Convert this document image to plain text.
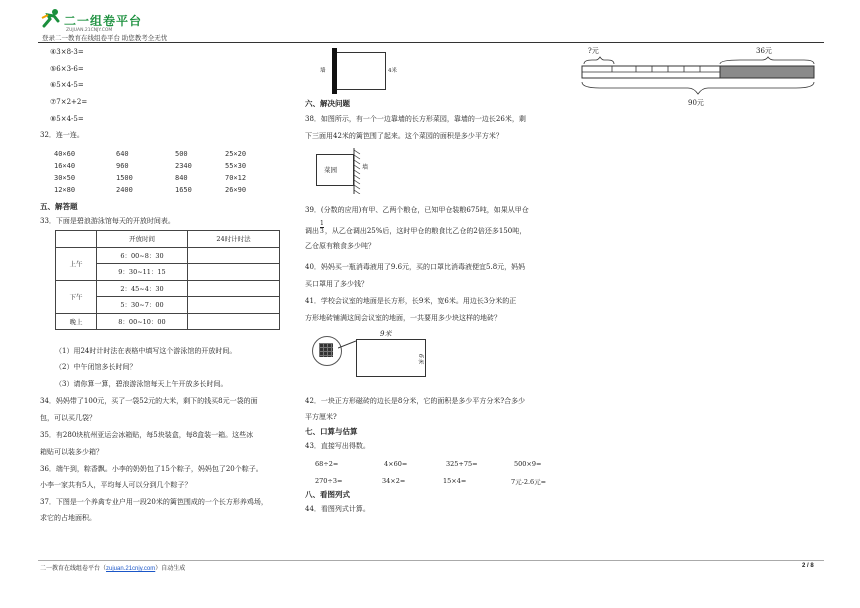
二一组卷平台
ZUJUAN.21CNJY.COM
登录二一教育在线组卷平台 助您教考全无忧
④3×8-3=
⑤6×3-6=
⑥5×4-5=
⑦7×2+2=
⑧5×4-5=
32．连一连。
40×60	640	500	25×20
16×40	960	2340	55×30
30×50	1500	840	70×12
12×80	2400	1650	26×90
五、解答题
33．下面是碧浪游泳馆每天的开放时间表。
	开放时间	24时计时法
上午	6：00~8：30	
	9：30~11：15	
下午	2：45~4：30	
	5：30~7：00	
晚上	8：00~10：00	
（1）用24时计时法在表格中填写这个游泳馆的开放时间。
（2）中午闭馆多长时间？
（3）请你算一算，碧浪游泳馆每天上午开放多长时间。
34．妈妈带了100元，买了一袋52元的大米，剩下的钱买8元一袋的面
包，可以买几袋？
35．有280块杭州亚运会冰箱贴，每5块装盒，每8盒装一箱。这些冰
箱贴可以装多少箱？
36．端午到，粽香飘。小李的奶奶包了15个粽子，妈妈包了20个粽子。
小李一家共有5人，平均每人可以分到几个粽子？
37．下图是一个养禽专业户用一段20米的篱笆围成的一个长方形养鸡场，
求它的占地面积。
墙	4米
六、解决问题
38．如图所示，有一个一边靠墙的长方形菜园，靠墙的一边长26米，剩
下三面用42米的篱笆围了起来。这个菜园的面积是多少平方米？
菜园	墙
39．(分数的应用)有甲、乙两个粮仓，已知甲仓装粮675吨，如果从甲仓
调出 $\frac{1}{3}$ ，从乙仓调出25%后，这时甲仓的粮食比乙仓的2倍还多150吨，
乙仓原有粮食多少吨？
40．妈妈买一瓶消毒液用了9.6元，买的口罩比消毒液便宜5.8元，妈妈
买口罩用了多少钱？
41．学校会议室的地面是长方形，长9米，宽6米。用边长3分米的正
方形地砖铺满这间会议室的地面，一共要用多少块这样的地砖？
9米
6米
42．一块正方形磁砖的边长是8分米，它的面积是多少平方分米?合多少
平方厘米?
七、口算与估算
43．直接写出得数。
68÷2=	4×60=	325+75=	500×9=
270÷3=	34×2=	15×4=	7元-2.6元=
八、看图列式
44．看图列式计算。
?元	36元
90元
二一教育在线组卷平台（zujuan.21cnjy.com）自动生成	2 / 8
